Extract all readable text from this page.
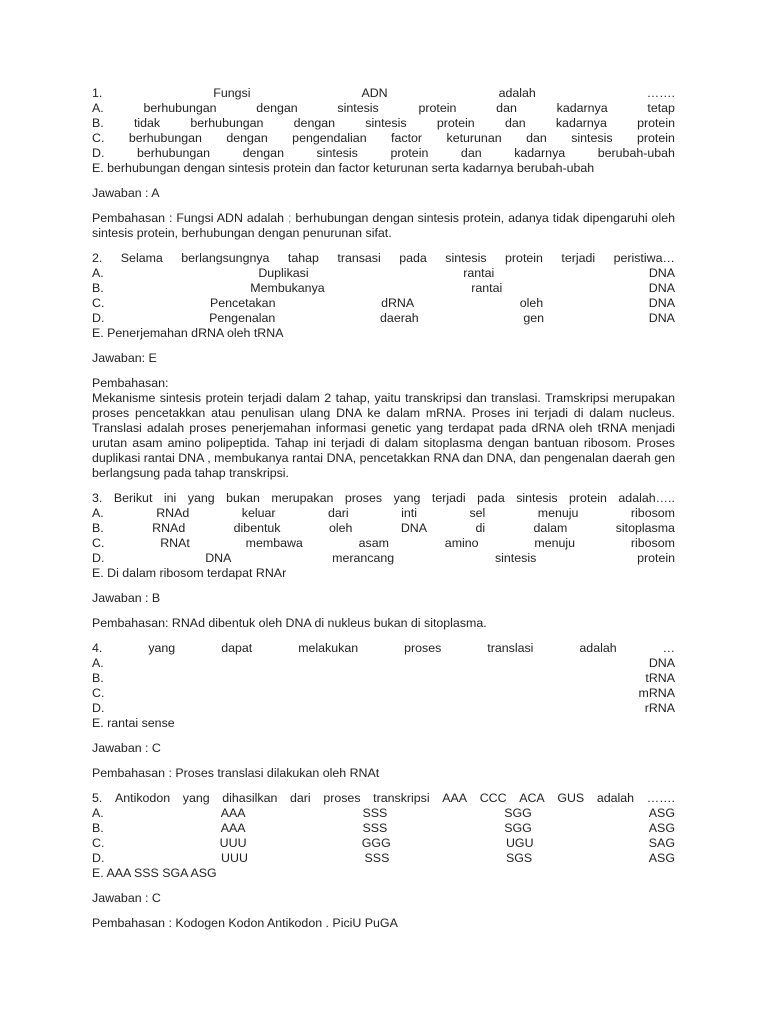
1.	Fungsi	ADN	adalah	…….
A.	berhubungan	dengan	sintesis	protein	dan	kadarnya	tetap
B. tidak berhubungan dengan sintesis protein dan kadarnya protein
C. berhubungan dengan pengendalian factor keturunan dan sintesis protein
D.	berhubungan	dengan	sintesis	protein	dan	kadarnya	berubah-ubah
E. berhubungan dengan sintesis protein dan factor keturunan serta kadarnya berubah-ubah
Jawaban : A
Pembahasan : Fungsi ADN adalah ; berhubungan dengan sintesis protein, adanya tidak dipengaruhi oleh sintesis protein, berhubungan dengan penurunan sifat.
2. Selama berlangsungnya tahap transasi pada sintesis protein terjadi peristiwa…
A.	Duplikasi	rantai	DNA
B.	Membukanya	rantai	DNA
C.	Pencetakan	dRNA	oleh	DNA
D.	Pengenalan	daerah	gen	DNA
E. Penerjemahan dRNA oleh tRNA
Jawaban: E
Pembahasan:
Mekanisme sintesis protein terjadi dalam 2 tahap, yaitu transkripsi dan translasi. Tramskripsi merupakan proses pencetakkan atau penulisan ulang DNA ke dalam mRNA. Proses ini terjadi di dalam nucleus. Translasi adalah proses penerjemahan informasi genetic yang terdapat pada dRNA oleh tRNA menjadi urutan asam amino polipeptida. Tahap ini terjadi di dalam sitoplasma dengan bantuan ribosom. Proses duplikasi rantai DNA , membukanya rantai DNA, pencetakkan RNA dan DNA, dan pengenalan daerah gen berlangsung pada tahap transkripsi.
3. Berikut ini yang bukan merupakan proses yang terjadi pada sintesis protein adalah…..
A.	RNAd	keluar	dari	inti	sel	menuju	ribosom
B.	RNAd	dibentuk	oleh	DNA	di	dalam	sitoplasma
C.	RNAt	membawa	asam	amino	menuju	ribosom
D.	DNA	merancang	sintesis	protein
E. Di dalam ribosom terdapat RNAr
Jawaban : B
Pembahasan: RNAd dibentuk oleh DNA di nukleus bukan di sitoplasma.
4.	yang	dapat	melakukan	proses	translasi	adalah	…
A.	DNA
B.	tRNA
C.	mRNA
D.	rRNA
E. rantai sense
Jawaban : C
Pembahasan : Proses translasi dilakukan oleh RNAt
5. Antikodon yang dihasilkan dari proses transkripsi AAA CCC ACA GUS adalah …….
A.	AAA	SSS	SGG	ASG
B.	AAA	SSS	SGG	ASG
C.	UUU	GGG	UGU	SAG
D.	UUU	SSS	SGS	ASG
E. AAA SSS SGA ASG
Jawaban : C
Pembahasan : Kodogen Kodon Antikodon . PiciU PuGA
